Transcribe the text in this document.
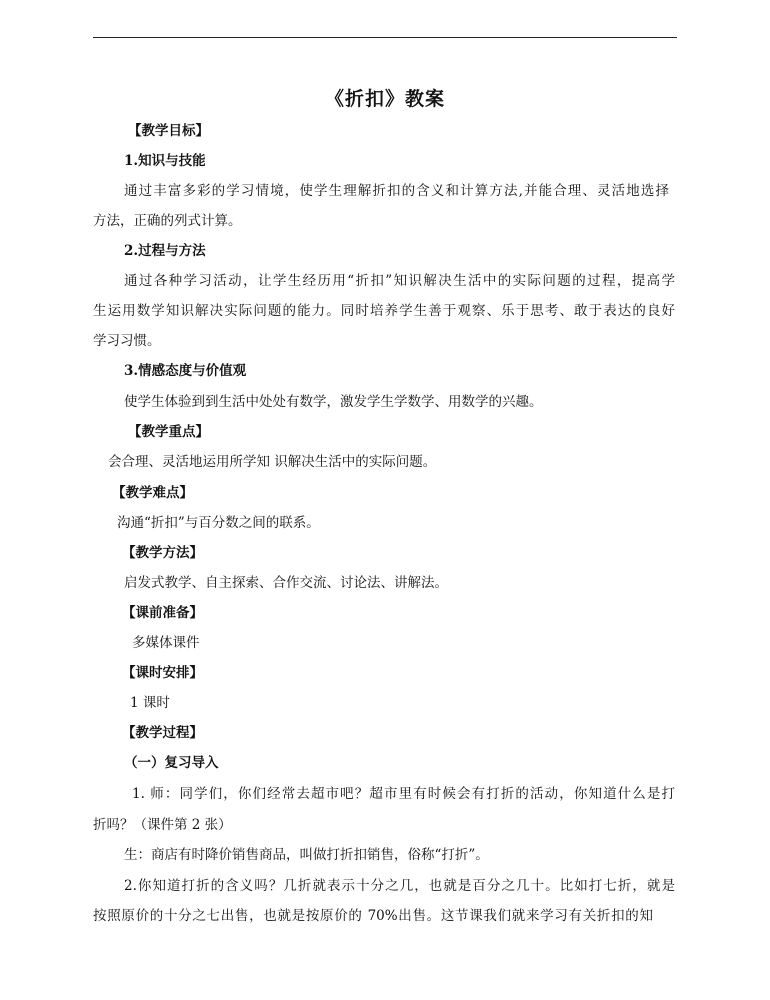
《折扣》教案
【教学目标】
1.知识与技能
通过丰富多彩的学习情境，使学生理解折扣的含义和计算方法,并能合理、灵活地选择
方法，正确的列式计算。
2.过程与方法
通过各种学习活动，让学生经历用“折扣”知识解决生活中的实际问题的过程，提高学
生运用数学知识解决实际问题的能力。同时培养学生善于观察、乐于思考、敢于表达的良好
学习习惯。
3.情感态度与价值观
使学生体验到到生活中处处有数学，激发学生学数学、用数学的兴趣。
【教学重点】
会合理、灵活地运用所学知 识解决生活中的实际问题。
【教学难点】
沟通“折扣”与百分数之间的联系。
【教学方法】
启发式教学、自主探索、合作交流、讨论法、讲解法。
【课前准备】
多媒体课件
【课时安排】
1 课时
【教学过程】
（一）复习导入
1. 师：同学们，你们经常去超市吧？超市里有时候会有打折的活动，你知道什么是打
折吗？（课件第 2 张）
生：商店有时降价销售商品，叫做打折扣销售，俗称“打折”。
2.你知道打折的含义吗？几折就表示十分之几，也就是百分之几十。比如打七折，就是
按照原价的十分之七出售，也就是按原价的 70%出售。这节课我们就来学习有关折扣的知
